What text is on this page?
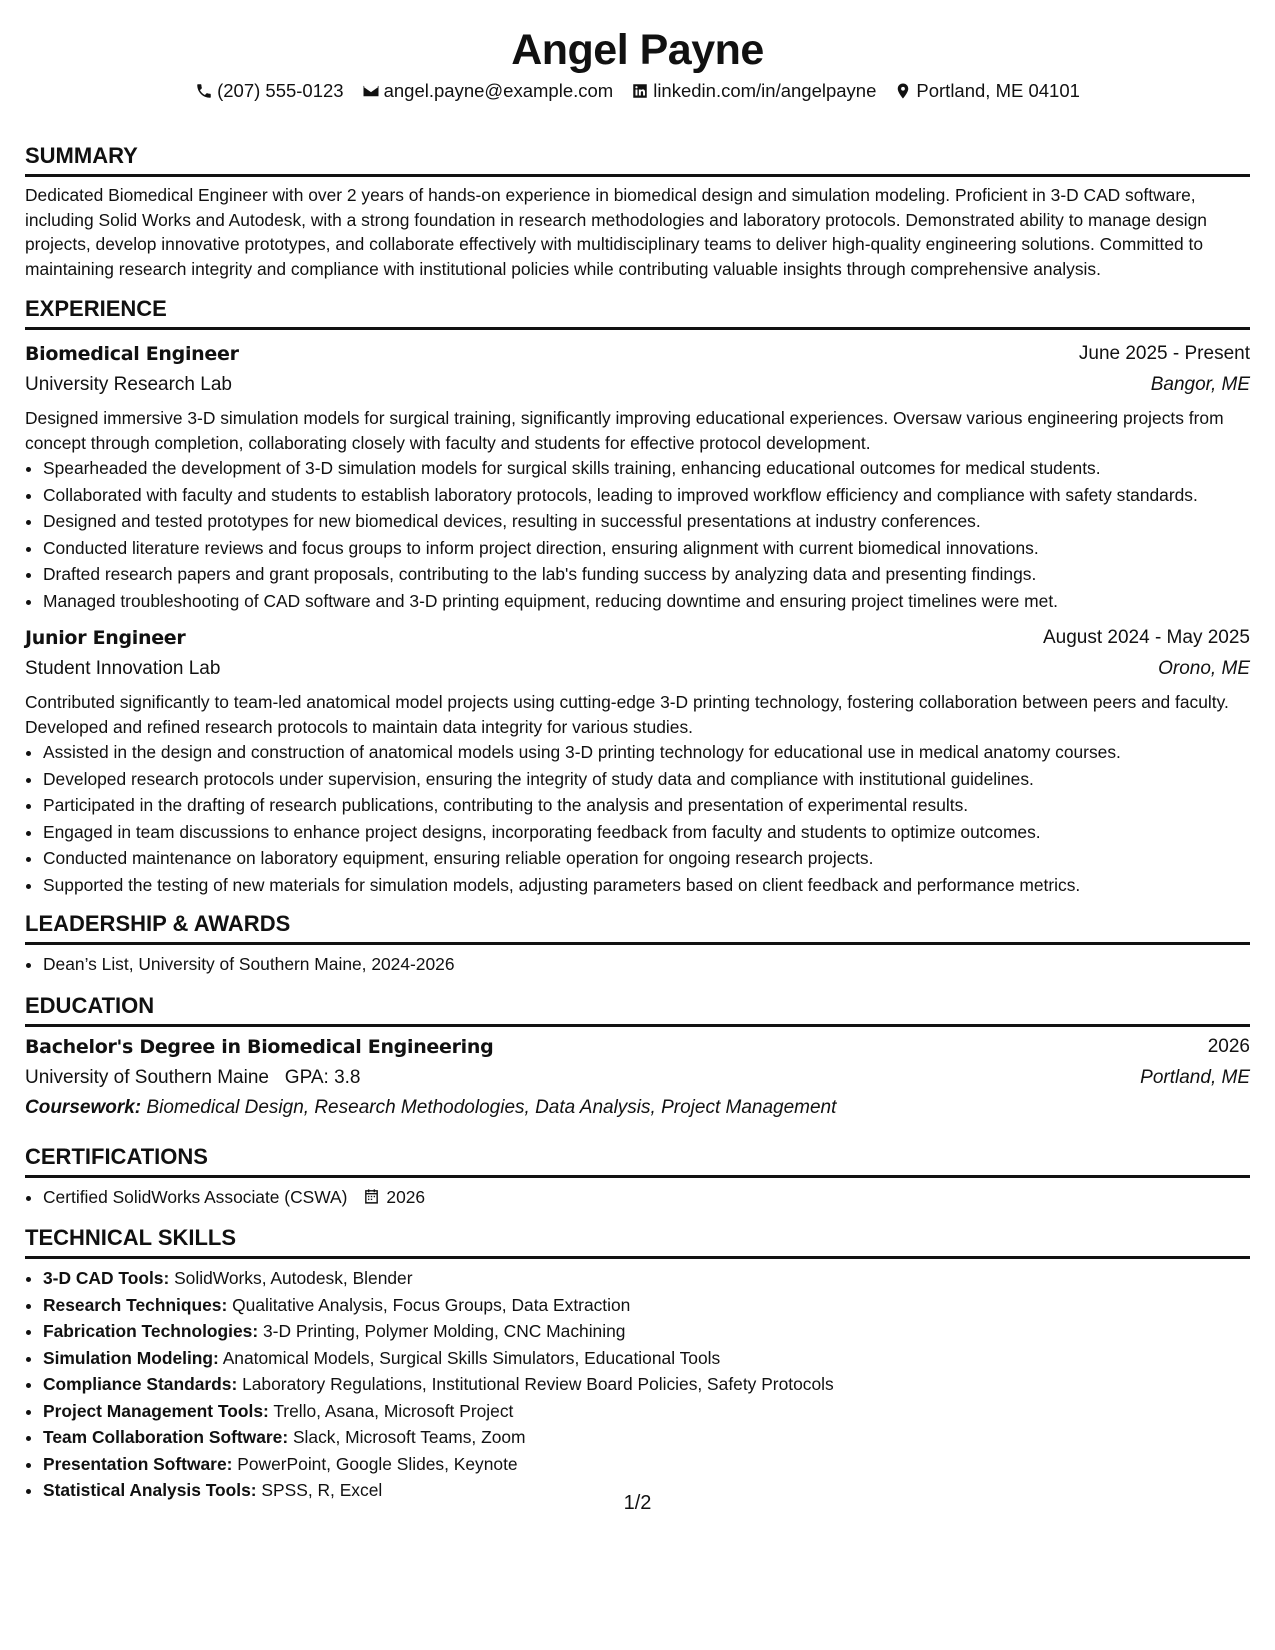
Angel Payne
(207) 555-0123 angel.payne@example.com linkedin.com/in/angelpayne Portland, ME 04101
SUMMARY
Dedicated Biomedical Engineer with over 2 years of hands-on experience in biomedical design and simulation modeling. Proficient in 3-D CAD software, including Solid Works and Autodesk, with a strong foundation in research methodologies and laboratory protocols. Demonstrated ability to manage design projects, develop innovative prototypes, and collaborate effectively with multidisciplinary teams to deliver high-quality engineering solutions. Committed to maintaining research integrity and compliance with institutional policies while contributing valuable insights through comprehensive analysis.
EXPERIENCE
Biomedical Engineer	June 2025 - Present
University Research Lab	Bangor, ME
Designed immersive 3-D simulation models for surgical training, significantly improving educational experiences. Oversaw various engineering projects from concept through completion, collaborating closely with faculty and students for effective protocol development.
• Spearheaded the development of 3-D simulation models for surgical skills training, enhancing educational outcomes for medical students.
• Collaborated with faculty and students to establish laboratory protocols, leading to improved workflow efficiency and compliance with safety standards.
• Designed and tested prototypes for new biomedical devices, resulting in successful presentations at industry conferences.
• Conducted literature reviews and focus groups to inform project direction, ensuring alignment with current biomedical innovations.
• Drafted research papers and grant proposals, contributing to the lab's funding success by analyzing data and presenting findings.
• Managed troubleshooting of CAD software and 3-D printing equipment, reducing downtime and ensuring project timelines were met.
Junior Engineer	August 2024 - May 2025
Student Innovation Lab	Orono, ME
Contributed significantly to team-led anatomical model projects using cutting-edge 3-D printing technology, fostering collaboration between peers and faculty. Developed and refined research protocols to maintain data integrity for various studies.
• Assisted in the design and construction of anatomical models using 3-D printing technology for educational use in medical anatomy courses.
• Developed research protocols under supervision, ensuring the integrity of study data and compliance with institutional guidelines.
• Participated in the drafting of research publications, contributing to the analysis and presentation of experimental results.
• Engaged in team discussions to enhance project designs, incorporating feedback from faculty and students to optimize outcomes.
• Conducted maintenance on laboratory equipment, ensuring reliable operation for ongoing research projects.
• Supported the testing of new materials for simulation models, adjusting parameters based on client feedback and performance metrics.
LEADERSHIP & AWARDS
• Dean’s List, University of Southern Maine, 2024-2026
EDUCATION
Bachelor's Degree in Biomedical Engineering	2026
University of Southern Maine GPA: 3.8	Portland, ME
Coursework: Biomedical Design, Research Methodologies, Data Analysis, Project Management
CERTIFICATIONS
• Certified SolidWorks Associate (CSWA) 2026
TECHNICAL SKILLS
• 3-D CAD Tools: SolidWorks, Autodesk, Blender
• Research Techniques: Qualitative Analysis, Focus Groups, Data Extraction
• Fabrication Technologies: 3-D Printing, Polymer Molding, CNC Machining
• Simulation Modeling: Anatomical Models, Surgical Skills Simulators, Educational Tools
• Compliance Standards: Laboratory Regulations, Institutional Review Board Policies, Safety Protocols
• Project Management Tools: Trello, Asana, Microsoft Project
• Team Collaboration Software: Slack, Microsoft Teams, Zoom
• Presentation Software: PowerPoint, Google Slides, Keynote
• Statistical Analysis Tools: SPSS, R, Excel
1/2
